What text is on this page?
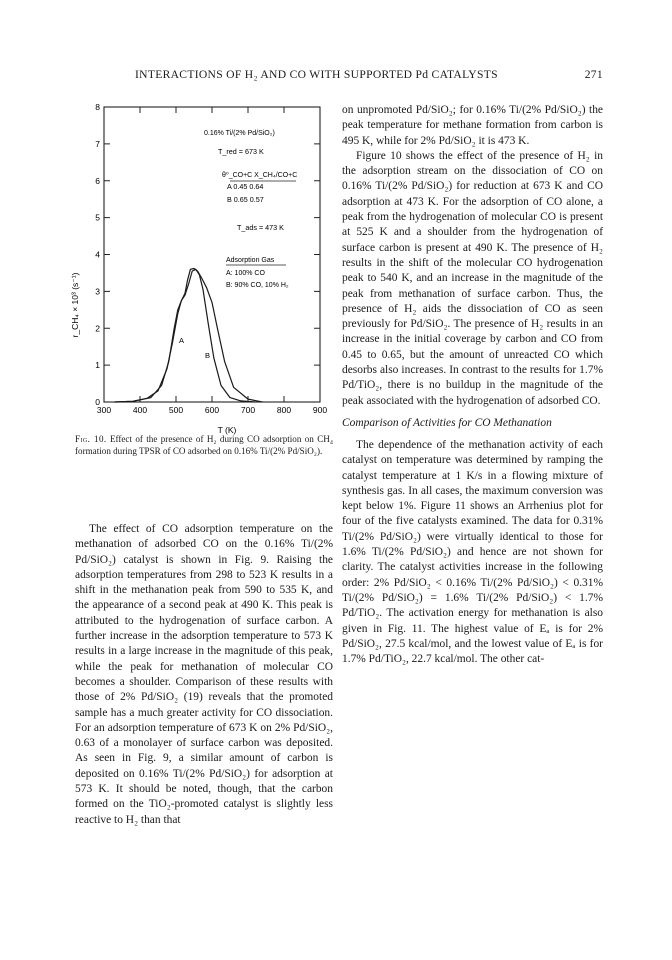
INTERACTIONS OF H₂ AND CO WITH SUPPORTED Pd CATALYSTS	271
300	400	500	600	700	800	900
0
1
2
3
4
5
6
7
8
0.16% Ti/(2% Pd/SiO₂)
T_red = 673 K
θ⁰_CO+C X_CH₄/CO+C
A 0.45 0.64
B 0.65 0.57
T_ads = 473 K
Adsorption Gas
A: 100% CO
B: 90% CO, 10% H₂
A
B
T (K)
r_CH₄ × 10³ (s⁻¹)
Fig. 10. Effect of the presence of H₂ during CO adsorption on CH₄ formation during TPSR of CO adsorbed on 0.16% Ti/(2% Pd/SiO₂).

The effect of CO adsorption temperature on the methanation of adsorbed CO on the 0.16% Ti/(2% Pd/SiO₂) catalyst is shown in Fig. 9. Raising the adsorption temperatures from 298 to 523 K results in a shift in the methanation peak from 590 to 535 K, and the appearance of a second peak at 490 K. This peak is attributed to the hydrogenation of surface carbon. A further increase in the adsorption temperature to 573 K results in a large increase in the magnitude of this peak, while the peak for methanation of molecular CO becomes a shoulder. Comparison of these results with those of 2% Pd/SiO₂ (19) reveals that the promoted sample has a much greater activity for CO dissociation. For an adsorption temperature of 673 K on 2% Pd/SiO₂, 0.63 of a monolayer of surface carbon was deposited. As seen in Fig. 9, a similar amount of carbon is deposited on 0.16% Ti/(2% Pd/SiO₂) for adsorption at 573 K. It should be noted, though, that the carbon formed on the TiO₂-promoted catalyst is slightly less reactive to H₂ than that

on unpromoted Pd/SiO₂; for 0.16% Ti/(2% Pd/SiO₂) the peak temperature for methane formation from carbon is 495 K, while for 2% Pd/SiO₂ it is 473 K.

Figure 10 shows the effect of the presence of H₂ in the adsorption stream on the dissociation of CO on 0.16% Ti/(2% Pd/SiO₂) for reduction at 673 K and CO adsorption at 473 K. For the adsorption of CO alone, a peak from the hydrogenation of molecular CO is present at 525 K and a shoulder from the hydrogenation of surface carbon is present at 490 K. The presence of H₂ results in the shift of the molecular CO hydrogenation peak to 540 K, and an increase in the magnitude of the peak from methanation of surface carbon. Thus, the presence of H₂ aids the dissociation of CO as seen previously for Pd/SiO₂. The presence of H₂ results in an increase in the initial coverage by carbon and CO from 0.45 to 0.65, but the amount of unreacted CO which desorbs also increases. In contrast to the results for 1.7% Pd/TiO₂, there is no buildup in the magnitude of the peak associated with the hydrogenation of adsorbed CO.

Comparison of Activities for CO Methanation

The dependence of the methanation activity of each catalyst on temperature was determined by ramping the catalyst temperature at 1 K/s in a flowing mixture of synthesis gas. In all cases, the maximum conversion was kept below 1%. Figure 11 shows an Arrhenius plot for four of the five catalysts examined. The data for 0.31% Ti/(2% Pd/SiO₂) were virtually identical to those for 1.6% Ti/(2% Pd/SiO₂) and hence are not shown for clarity. The catalyst activities increase in the following order: 2% Pd/SiO₂ < 0.16% Ti/(2% Pd/SiO₂) < 0.31% Ti/(2% Pd/SiO₂) = 1.6% Ti/(2% Pd/SiO₂) < 1.7% Pd/TiO₂. The activation energy for methanation is also given in Fig. 11. The highest value of Eₐ is for 2% Pd/SiO₂, 27.5 kcal/mol, and the lowest value of Eₐ is for 1.7% Pd/TiO₂, 22.7 kcal/mol. The other cat-
